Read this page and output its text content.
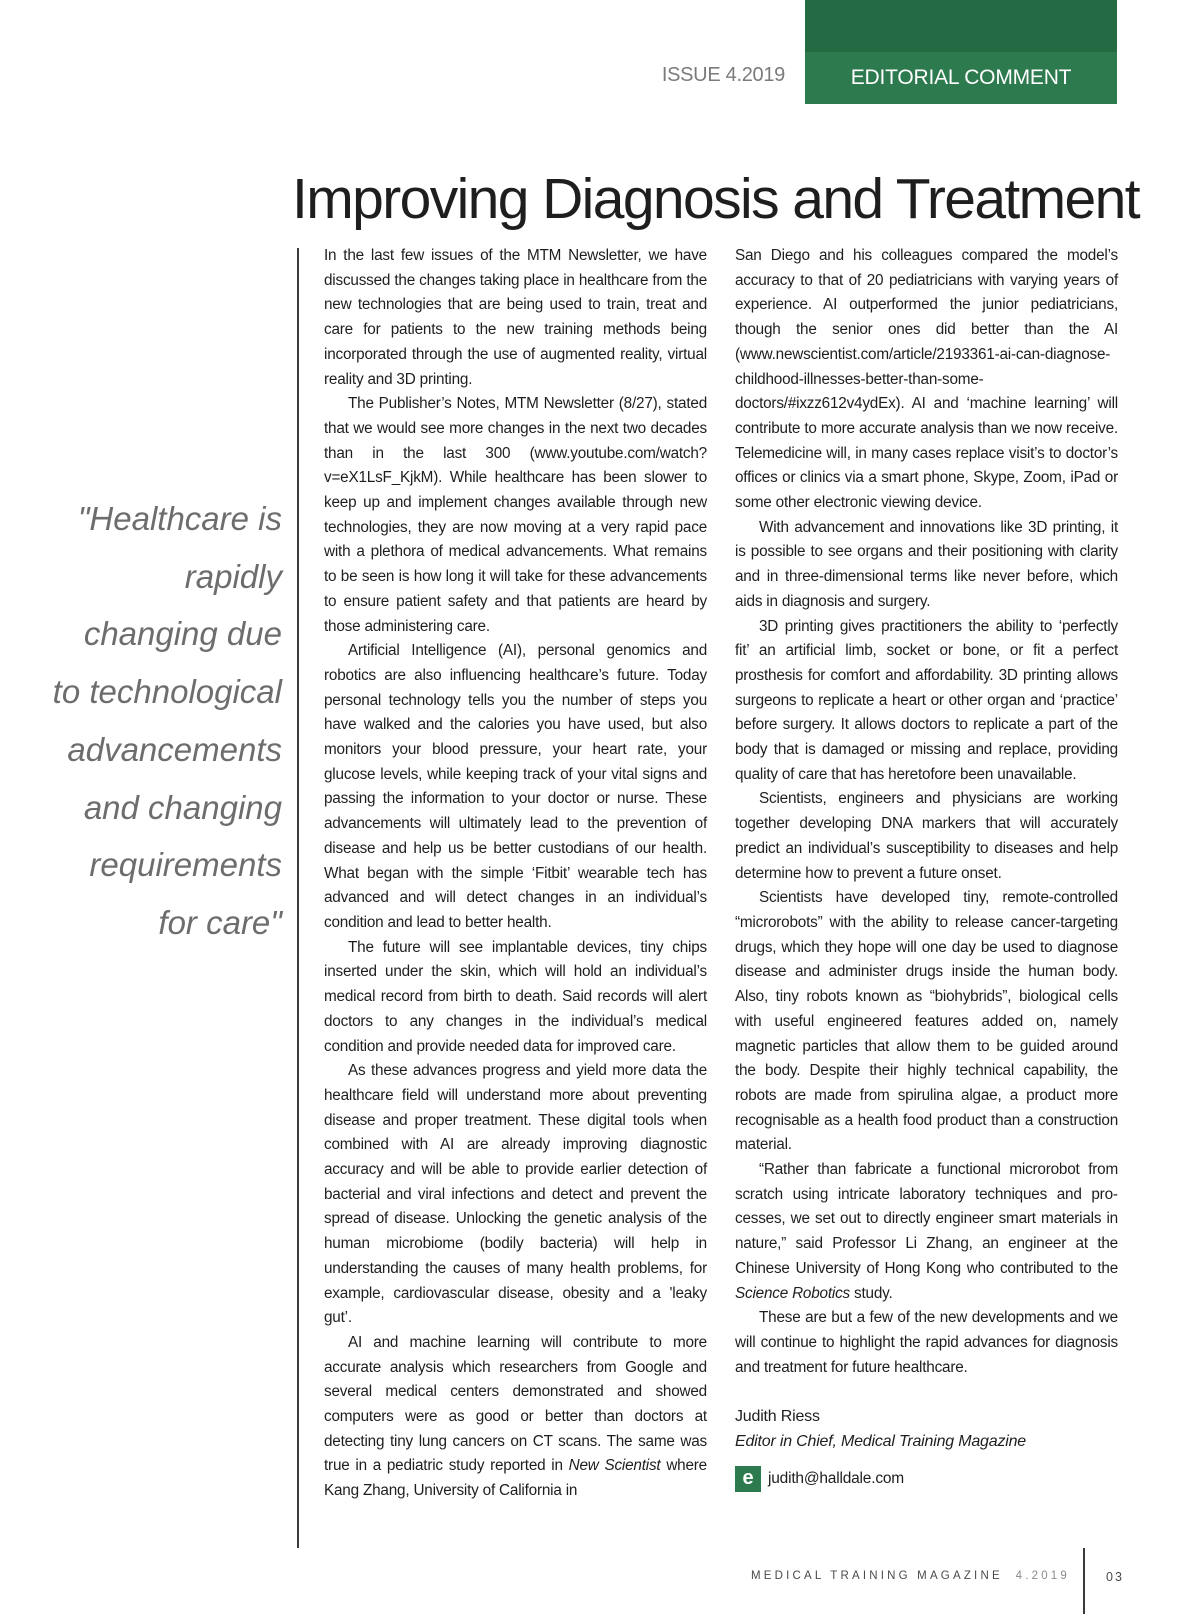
ISSUE 4.2019	EDITORIAL COMMENT
Improving Diagnosis and Treatment

"Healthcare is rapidly changing due to technological advancements and changing requirements for care"

In the last few issues of the MTM Newsletter, we have discussed the changes taking place in healthcare from the new technologies that are being used to train, treat and care for patients to the new training methods being incorporated through the use of augmented reality, virtual reality and 3D printing.

The Publisher’s Notes, MTM Newsletter (8/27), stated that we would see more changes in the next two decades than in the last 300 (www.youtube.com/watch?v=eX1LsF_KjkM). While healthcare has been slower to keep up and implement changes available through new technologies, they are now moving at a very rapid pace with a plethora of medical advancements. What remains to be seen is how long it will take for these advancements to ensure patient safety and that patients are heard by those administering care.

Artificial Intelligence (AI), personal genomics and robotics are also influencing healthcare’s future. Today personal technology tells you the number of steps you have walked and the calories you have used, but also monitors your blood pressure, your heart rate, your glucose levels, while keeping track of your vital signs and passing the information to your doctor or nurse. These advancements will ultimately lead to the prevention of disease and help us be better custodians of our health. What began with the simple ‘Fitbit’ wearable tech has advanced and will detect changes in an individual’s condition and lead to better health.

The future will see implantable devices, tiny chips inserted under the skin, which will hold an individual’s medical record from birth to death. Said records will alert doctors to any changes in the individual’s medical condition and provide needed data for improved care.

As these advances progress and yield more data the healthcare field will understand more about preventing disease and proper treatment. These digital tools when combined with AI are already improving diagnostic accuracy and will be able to provide earlier detection of bacterial and viral infections and detect and prevent the spread of disease. Unlocking the genetic analysis of the human microbiome (bodily bacteria) will help in understanding the causes of many health problems, for example, cardiovascular disease, obesity and a 'leaky gut’.

AI and machine learning will contribute to more accurate analysis which researchers from Google and several medical centers demonstrated and showed computers were as good or better than doctors at detecting tiny lung cancers on CT scans. The same was true in a pediatric study reported in New Scientist where Kang Zhang, University of California in

San Diego and his colleagues compared the model’s accuracy to that of 20 pediatricians with varying years of experience. AI outperformed the junior pediatricians, though the senior ones did better than the AI (www.newscientist.com/article/2193361-ai-can-diagnose-childhood-illnesses-better-than-some-doctors/#ixzz612v4ydEx). AI and ‘machine learning’ will contribute to more accurate analysis than we now receive. Telemedicine will, in many cases replace visit’s to doctor’s offices or clinics via a smart phone, Skype, Zoom, iPad or some other electronic viewing device.

With advancement and innovations like 3D printing, it is possible to see organs and their positioning with clarity and in three-dimensional terms like never before, which aids in diagnosis and surgery.

3D printing gives practitioners the ability to ‘perfectly fit’ an artificial limb, socket or bone, or fit a perfect prosthesis for comfort and affordability. 3D printing allows surgeons to replicate a heart or other organ and ‘practice’ before surgery. It allows doctors to replicate a part of the body that is damaged or missing and replace, providing quality of care that has heretofore been unavailable.

Scientists, engineers and physicians are working together developing DNA markers that will accurately predict an individual’s susceptibility to diseases and help determine how to prevent a future onset.

Scientists have developed tiny, remote-controlled “microrobots” with the ability to release cancer-targeting drugs, which they hope will one day be used to diagnose disease and administer drugs inside the human body. Also, tiny robots known as “biohybrids”, biological cells with useful engineered features added on, namely magnetic particles that allow them to be guided around the body. Despite their highly technical capability, the robots are made from spirulina algae, a product more recognisable as a health food product than a construction material.

“Rather than fabricate a functional microrobot from scratch using intricate laboratory techniques and processes, we set out to directly engineer smart materials in nature,” said Professor Li Zhang, an engineer at the Chinese University of Hong Kong who contributed to the Science Robotics study.

These are but a few of the new developments and we will continue to highlight the rapid advances for diagnosis and treatment for future healthcare.

Judith Riess
Editor in Chief, Medical Training Magazine
e judith@halldale.com
MEDICAL TRAINING MAGAZINE 4.2019	03
